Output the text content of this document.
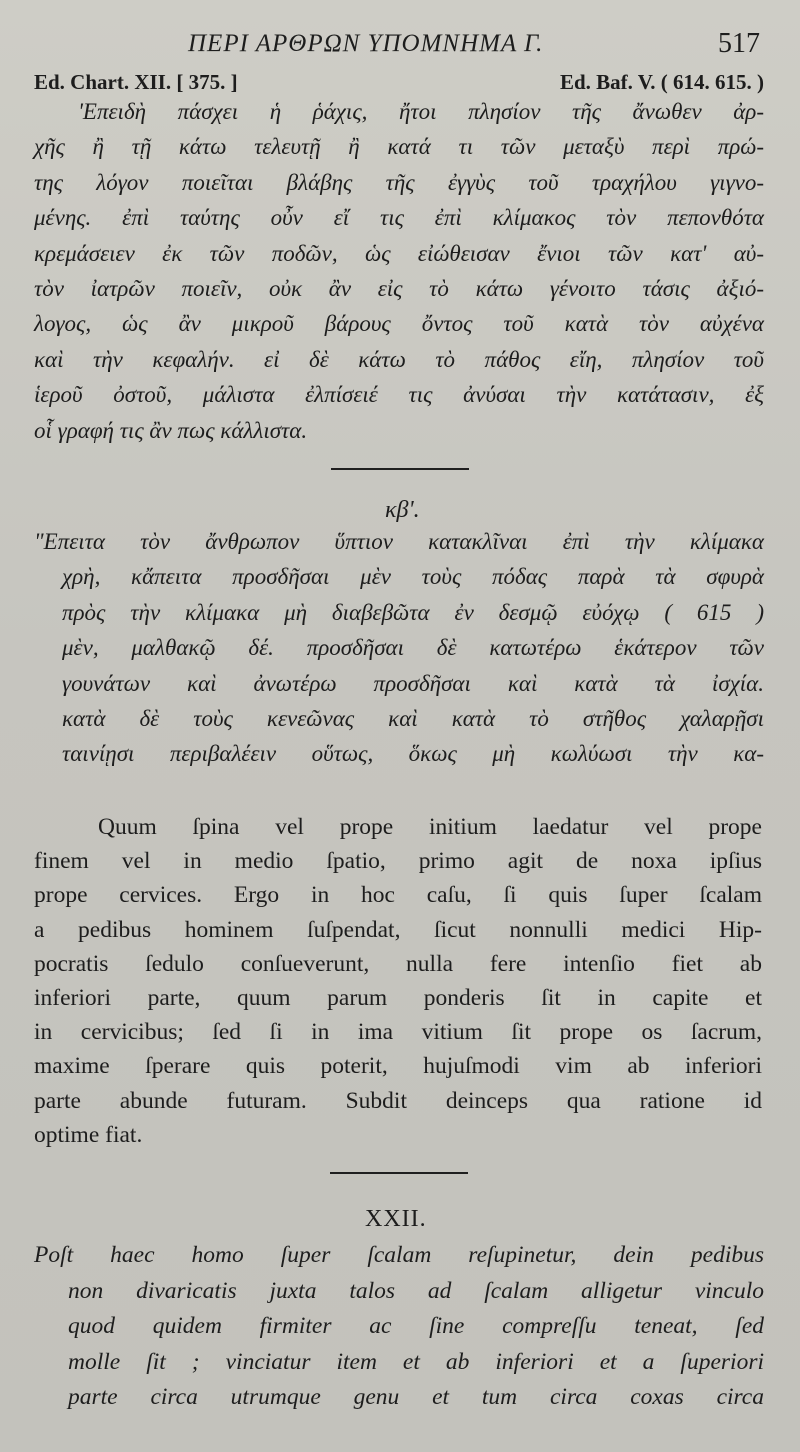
ΠΕΡΙ ΑΡΘΡΩΝ ΥΠΟΜΝΗΜΑ Γ.	517
Ed. Chart. XII. [ 375. ]	Ed. Baf. V. ( 614. 615. )
'Επειδὴ πάσχει ἡ ῥάχις, ἤτοι πλησίον τῆς ἄνωθεν ἀρ-
χῆς ἢ τῇ κάτω τελευτῇ ἢ κατά τι τῶν μεταξὺ περὶ πρώ-
της λόγον ποιεῖται βλάβης τῆς ἐγγὺς τοῦ τραχήλου γιγνο-
μένης. ἐπὶ ταύτης οὖν εἴ τις ἐπὶ κλίμακος τὸν πεπονθότα
κρεμάσειεν ἐκ τῶν ποδῶν, ὡς εἰώθεισαν ἔνιοι τῶν κατ' αὐ-
τὸν ἰατρῶν ποιεῖν, οὐκ ἂν εἰς τὸ κάτω γένοιτο τάσις ἀξιό-
λογος, ὡς ἂν μικροῦ βάρους ὄντος τοῦ κατὰ τὸν αὐχένα
καὶ τὴν κεφαλήν. εἰ δὲ κάτω τὸ πάθος εἴη, πλησίον τοῦ
ἱεροῦ ὀστοῦ, μάλιστα ἐλπίσειέ τις ἀνύσαι τὴν κατάτασιν, ἐξ
οἷ γραφή τις ἂν πως κάλλιστα.
κβ'.
"Επειτα τὸν ἄνθρωπον ὕπτιον κατακλῖναι ἐπὶ τὴν κλίμακα
χρὴ, κἄπειτα προσδῆσαι μὲν τοὺς πόδας παρὰ τὰ σφυρὰ
πρὸς τὴν κλίμακα μὴ διαβεβῶτα ἐν δεσμῷ εὐόχῳ ( 615 )
μὲν, μαλθακῷ δέ. προσδῆσαι δὲ κατωτέρω ἑκάτερον τῶν
γουνάτων καὶ ἀνωτέρω προσδῆσαι καὶ κατὰ τὰ ἰσχία.
κατὰ δὲ τοὺς κενεῶνας καὶ κατὰ τὸ στῆθος χαλαρῇσι
ταινίῃσι περιβαλέειν οὕτως, ὅκως μὴ κωλύωσι τὴν κα-
Quum ſpina vel prope initium laedatur vel prope
finem vel in medio ſpatio, primo agit de noxa ipſius
prope cervices. Ergo in hoc caſu, ſi quis ſuper ſcalam
a pedibus hominem ſuſpendat, ſicut nonnulli medici Hip-
pocratis ſedulo conſueverunt, nulla fere intenſio fiet ab
inferiori parte, quum parum ponderis ſit in capite et
in cervicibus; ſed ſi in ima vitium ſit prope os ſacrum,
maxime ſperare quis poterit, hujuſmodi vim ab inferiori
parte abunde futuram. Subdit deinceps qua ratione id
optime fiat.
XXII.
Poſt haec homo ſuper ſcalam reſupinetur, dein pedibus
non divaricatis juxta talos ad ſcalam alligetur vinculo
quod quidem firmiter ac ſine compreſſu teneat, ſed
molle ſit ; vinciatur item et ab inferiori et a ſuperiori
parte circa utrumque genu et tum circa coxas circa
